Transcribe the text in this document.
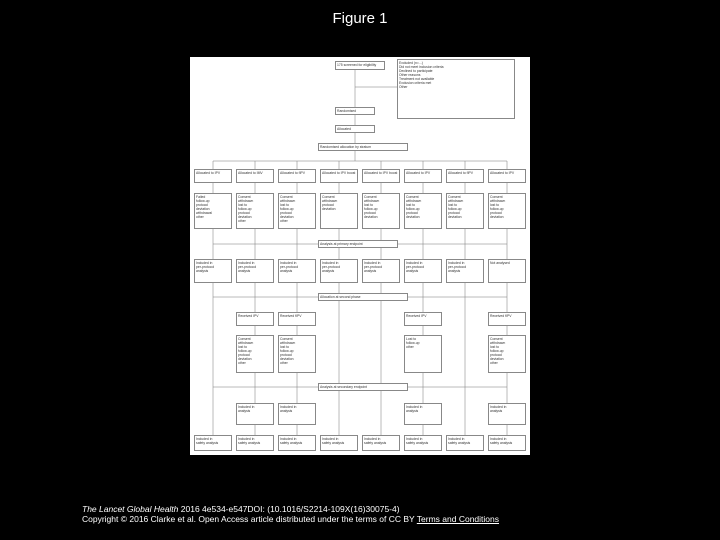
Figure 1
175 screened for eligibility	Excluded (n=...)
Did not meet inclusion criteria
Declined to participate
Other reasons
Treatment not available
Exclusion criteria met
Other
Randomised
Allocated
Randomised allocation by stratum
Allocated to IPV	Allocated to IMV	Allocated to fIPV	Allocated to IPV boost	Allocated to IPV boost	Allocated to IPV	Allocated to fIPV	Allocated to IPV
Failed
follow-up
protocol
deviation
withdrawal
other
Consent
withdrawn
lost to
follow-up
protocol
deviation
other
Consent
withdrawn
lost to
follow-up
protocol
deviation
other
Consent
withdrawn
protocol
deviation
Consent
withdrawn
lost to
follow-up
protocol
deviation
Consent
withdrawn
lost to
follow-up
protocol
deviation
Consent
withdrawn
lost to
follow-up
protocol
deviation
Consent
withdrawn
lost to
follow-up
protocol
deviation
Analysis at primary endpoint
Included in
per-protocol
analysis
Included in
per-protocol
analysis
Included in
per-protocol
analysis
Included in
per-protocol
analysis
Included in
per-protocol
analysis
Included in
per-protocol
analysis
Included in
per-protocol
analysis
Not analysed
Allocation at second phase
Received IPV	Received fIPV	Received IPV	Received fIPV
Consent
withdrawn
lost to
follow-up
protocol
deviation
other
Consent
withdrawn
lost to
follow-up
protocol
deviation
other
Lost to
follow-up
other
Consent
withdrawn
lost to
follow-up
protocol
deviation
other
Analysis at secondary endpoint
Included in
analysis
Included in
analysis
Included in
analysis
Included in
analysis
Included in
safety analysis
Included in
safety analysis
Included in
safety analysis
Included in
safety analysis
Included in
safety analysis
Included in
safety analysis
Included in
safety analysis
Included in
safety analysis
The Lancet Global Health 2016 4e534-e547DOI: (10.1016/S2214-109X(16)30075-4)
Copyright © 2016 Clarke et al. Open Access article distributed under the terms of CC BY Terms and Conditions
